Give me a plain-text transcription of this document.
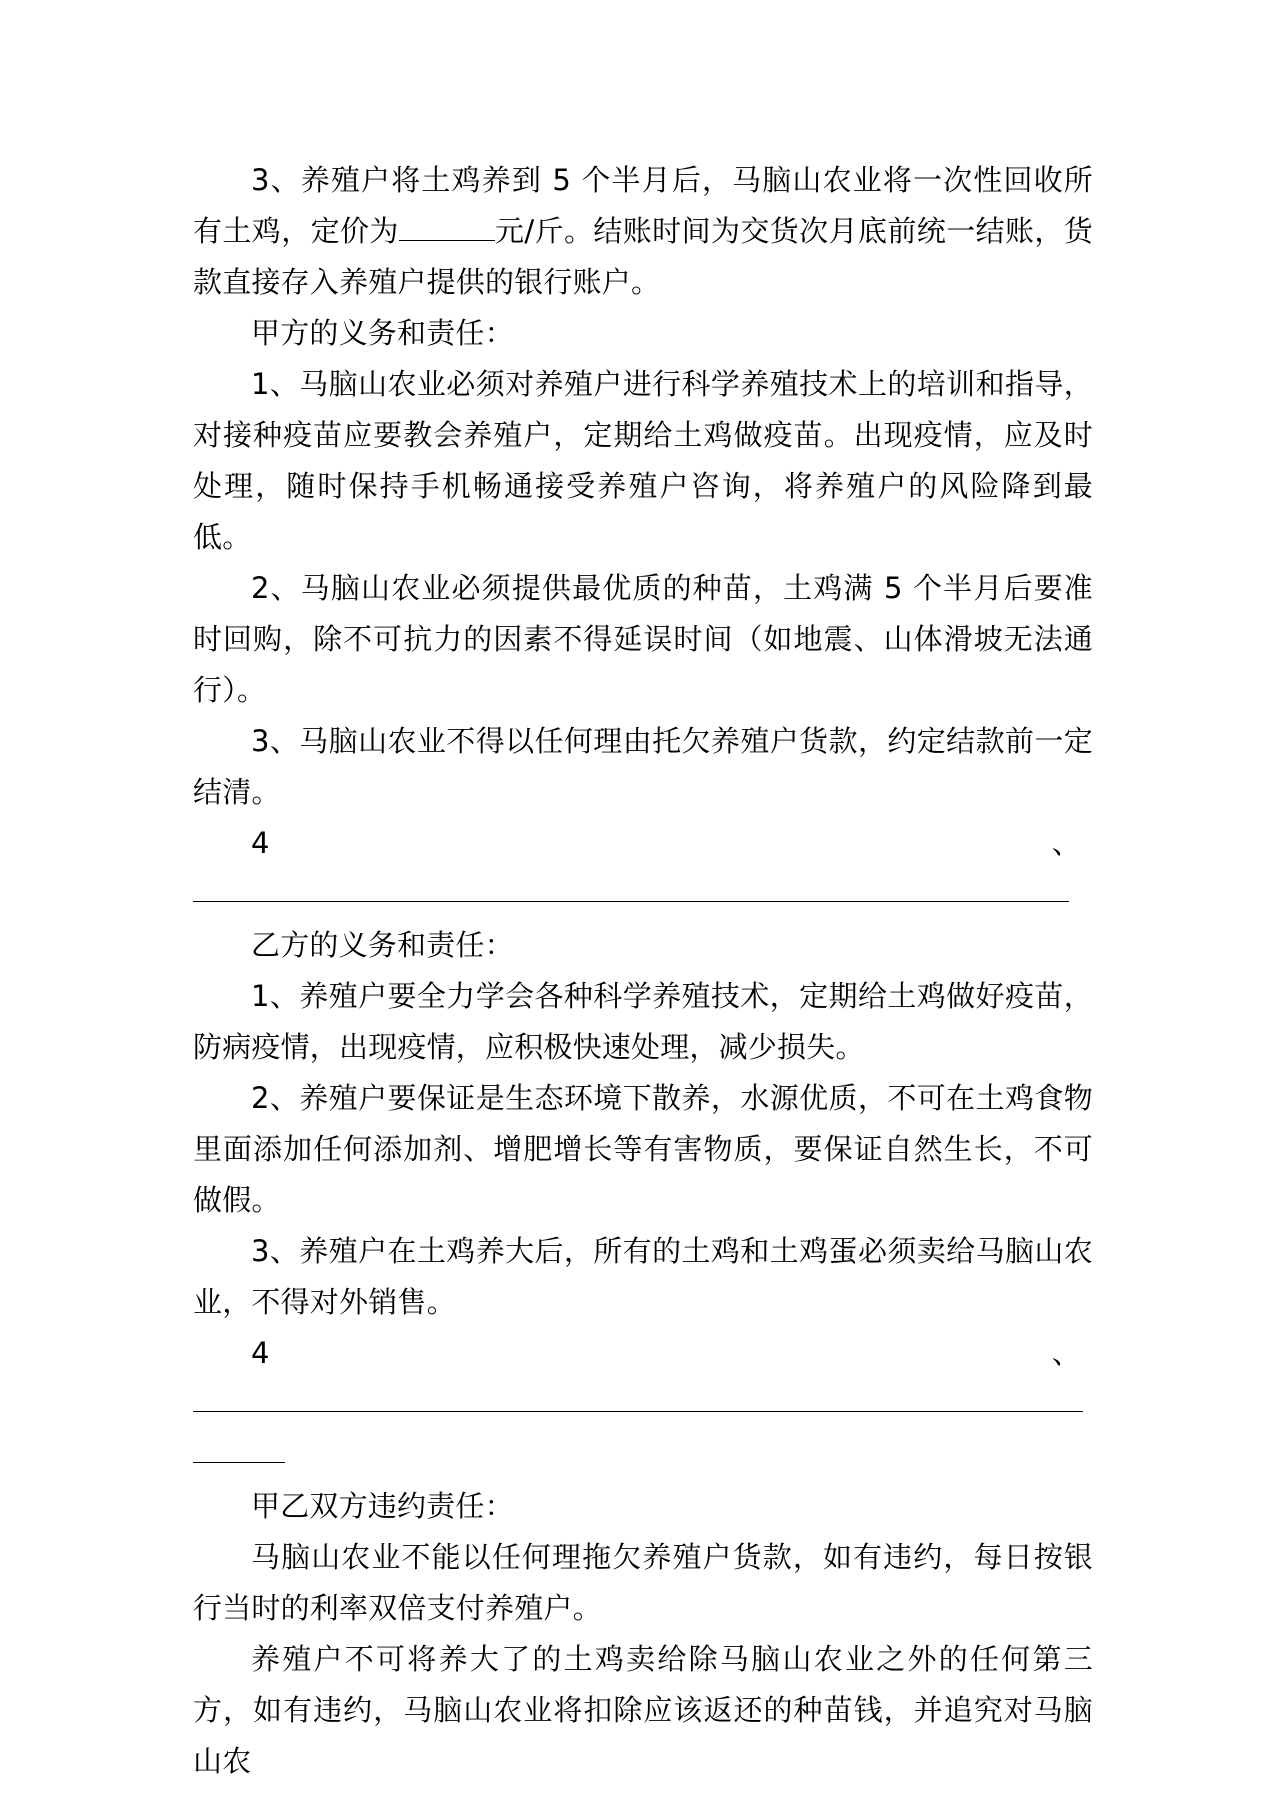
3、养殖户将土鸡养到 5 个半月后，马脑山农业将一次性回收所有土鸡，定价为	元/斤。结账时间为交货次月底前统一结账，货款直接存入养殖户提供的银行账户。

甲方的义务和责任：

1、马脑山农业必须对养殖户进行科学养殖技术上的培训和指导，对接种疫苗应要教会养殖户，定期给土鸡做疫苗。出现疫情，应及时处理，随时保持手机畅通接受养殖户咨询，将养殖户的风险降到最低。

2、马脑山农业必须提供最优质的种苗，土鸡满 5 个半月后要准时回购，除不可抗力的因素不得延误时间（如地震、山体滑坡无法通行）。

3、马脑山农业不得以任何理由托欠养殖户货款，约定结款前一定结清。

4	、

乙方的义务和责任：

1、养殖户要全力学会各种科学养殖技术，定期给土鸡做好疫苗，防病疫情，出现疫情，应积极快速处理，减少损失。

2、养殖户要保证是生态环境下散养，水源优质，不可在土鸡食物里面添加任何添加剂、增肥增长等有害物质，要保证自然生长，不可做假。

3、养殖户在土鸡养大后，所有的土鸡和土鸡蛋必须卖给马脑山农业，不得对外销售。

4	、

甲乙双方违约责任：

马脑山农业不能以任何理拖欠养殖户货款，如有违约，每日按银行当时的利率双倍支付养殖户。

养殖户不可将养大了的土鸡卖给除马脑山农业之外的任何第三方，如有违约，马脑山农业将扣除应该返还的种苗钱，并追究对马脑山农
